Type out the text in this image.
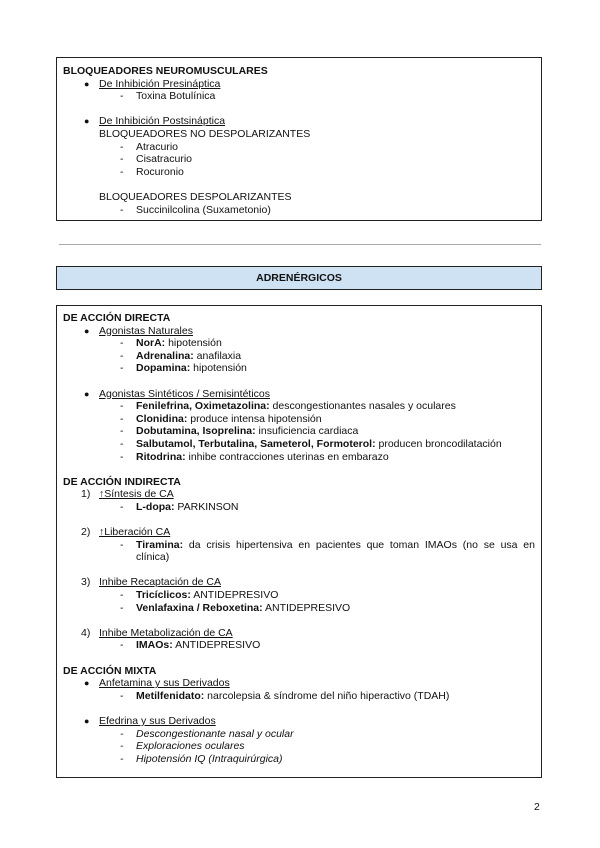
BLOQUEADORES NEUROMUSCULARES
● De Inhibición Presináptica
- Toxina Botulínica
● De Inhibición Postsináptica
BLOQUEADORES NO DESPOLARIZANTES
- Atracurio
- Cisatracurio
- Rocuronio
BLOQUEADORES DESPOLARIZANTES
- Succinilcolina (Suxametonio)
ADRENÉRGICOS
DE ACCIÓN DIRECTA
● Agonistas Naturales
- NorA: hipotensión
- Adrenalina: anafilaxia
- Dopamina: hipotensión
● Agonistas Sintéticos / Semisintéticos
- Fenilefrina, Oximetazolina: descongestionantes nasales y oculares
- Clonidina: produce intensa hipotensión
- Dobutamina, Isoprelina: insuficiencia cardiaca
- Salbutamol, Terbutalina, Sameterol, Formoterol: producen broncodilatación
- Ritodrina: inhibe contracciones uterinas en embarazo
DE ACCIÓN INDIRECTA
1) ↑Síntesis de CA
- L-dopa: PARKINSON
2) ↑Liberación CA
- Tiramina: da crisis hipertensiva en pacientes que toman IMAOs (no se usa en clínica)
3) Inhibe Recaptación de CA
- Tricíclicos: ANTIDEPRESIVO
- Venlafaxina / Reboxetina: ANTIDEPRESIVO
4) Inhibe Metabolización de CA
- IMAOs: ANTIDEPRESIVO
DE ACCIÓN MIXTA
● Anfetamina y sus Derivados
- Metilfenidato: narcolepsia & síndrome del niño hiperactivo (TDAH)
● Efedrina y sus Derivados
- Descongestionante nasal y ocular
- Exploraciones oculares
- Hipotensión IQ (Intraquirúrgica)
2
